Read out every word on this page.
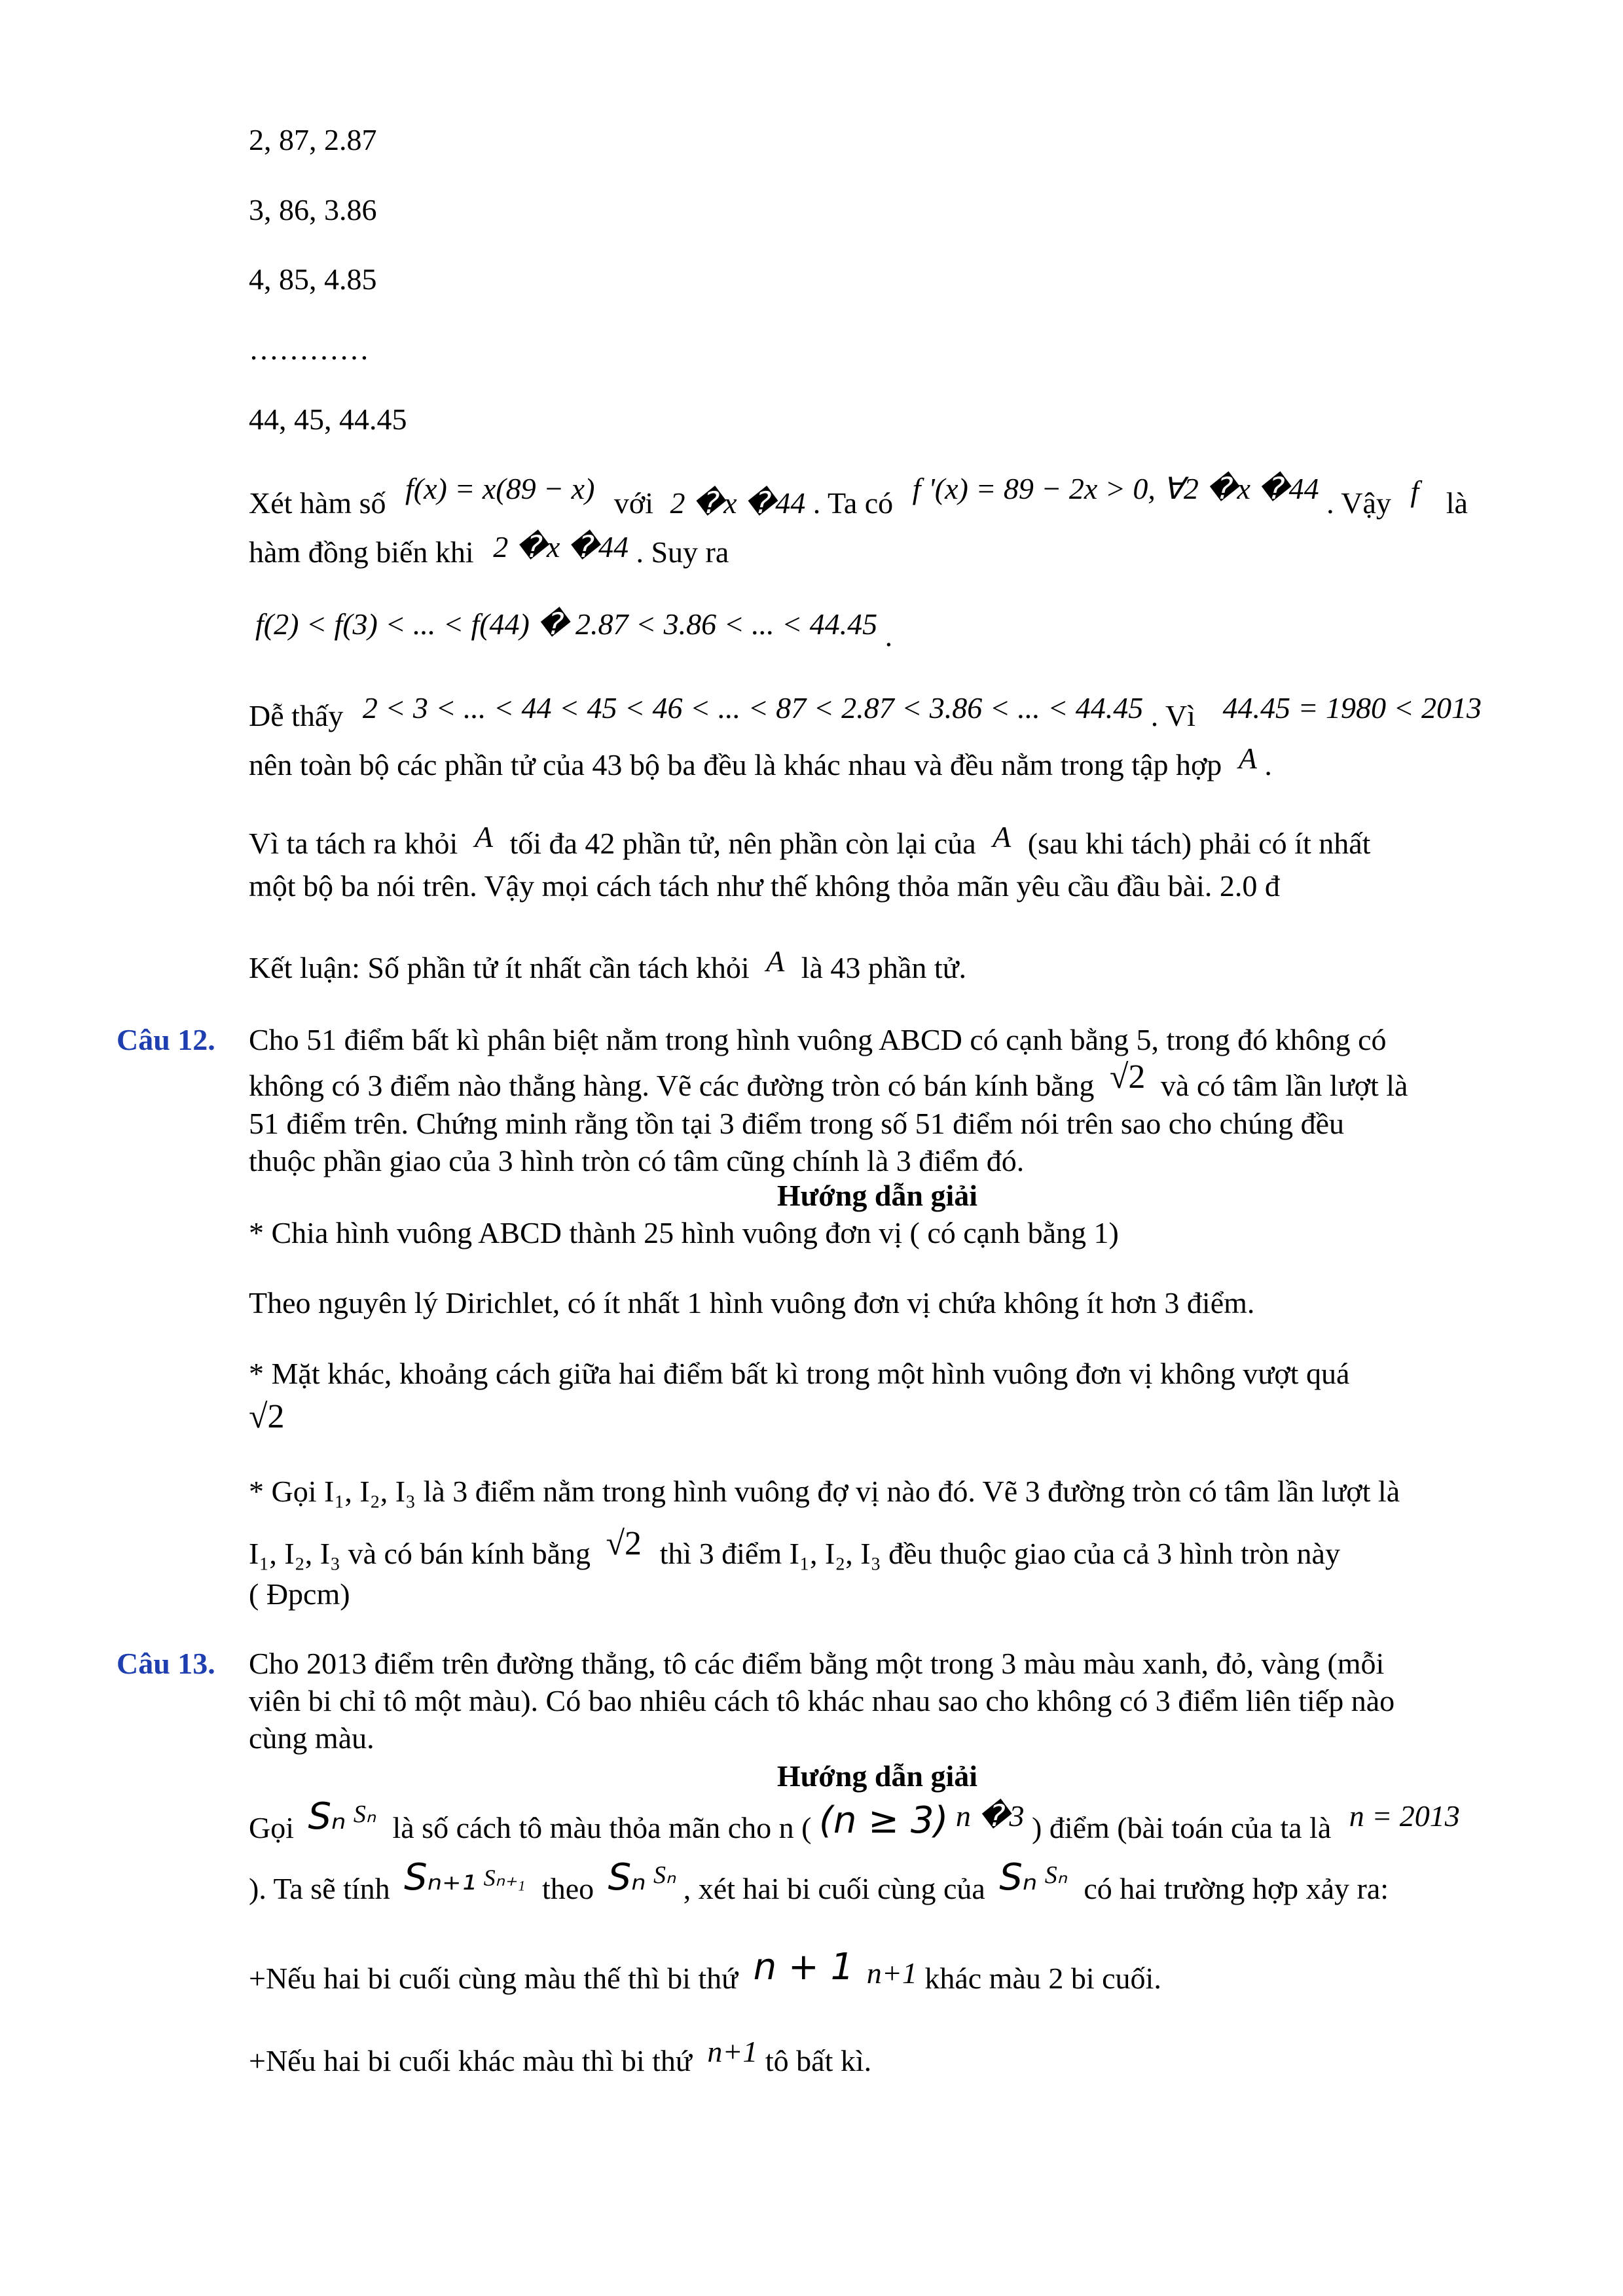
2, 87, 2.87
3, 86, 3.86
4, 85, 4.85
…………
44, 45, 44.45
Xét hàm số f(x) = x(89 − x) với 2 �x �44 . Ta có f '(x) = 89 − 2x > 0, ∀2 �x �44 . Vậy f là
hàm đồng biến khi 2 �x �44 . Suy ra
f(2) < f(3) < ... < f(44) � 2.87 < 3.86 < ... < 44.45 .
Dễ thấy 2 < 3 < ... < 44 < 45 < 46 < ... < 87 < 2.87 < 3.86 < ... < 44.45 . Vì 44.45 = 1980 < 2013
nên toàn bộ các phần tử của 43 bộ ba đều là khác nhau và đều nằm trong tập hợp A .
Vì ta tách ra khỏi A tối đa 42 phần tử, nên phần còn lại của A (sau khi tách) phải có ít nhất
một bộ ba nói trên. Vậy mọi cách tách như thế không thỏa mãn yêu cầu đầu bài. 2.0 đ
Kết luận: Số phần tử ít nhất cần tách khỏi A là 43 phần tử.
Câu 12. Cho 51 điểm bất kì phân biệt nằm trong hình vuông ABCD có cạnh bằng 5, trong đó không có
không có 3 điểm nào thẳng hàng. Vẽ các đường tròn có bán kính bằng √2 và có tâm lần lượt là
51 điểm trên. Chứng minh rằng tồn tại 3 điểm trong số 51 điểm nói trên sao cho chúng đều
thuộc phần giao của 3 hình tròn có tâm cũng chính là 3 điểm đó.
Hướng dẫn giải
* Chia hình vuông ABCD thành 25 hình vuông đơn vị ( có cạnh bằng 1)
Theo nguyên lý Dirichlet, có ít nhất 1 hình vuông đơn vị chứa không ít hơn 3 điểm.
* Mặt khác, khoảng cách giữa hai điểm bất kì trong một hình vuông đơn vị không vượt quá
√2
* Gọi I₁, I₂, I₃ là 3 điểm nằm trong hình vuông đợ vị nào đó. Vẽ 3 đường tròn có tâm lần lượt là
I₁, I₂, I₃ và có bán kính bằng √2 thì 3 điểm I₁, I₂, I₃ đều thuộc giao của cả 3 hình tròn này
( Đpcm)
Câu 13. Cho 2013 điểm trên đường thẳng, tô các điểm bằng một trong 3 màu màu xanh, đỏ, vàng (mỗi
viên bi chỉ tô một màu). Có bao nhiêu cách tô khác nhau sao cho không có 3 điểm liên tiếp nào
cùng màu.
Hướng dẫn giải
Gọi Sₙ $^{S_n}$ là số cách tô màu thỏa mãn cho n ( (n ≥ 3) n �3 ) điểm (bài toán của ta là n = 2013
). Ta sẽ tính Sₙ₊₁ $^{S_{n+1}}$ theo Sₙ $^{S_n}$ , xét hai bi cuối cùng của Sₙ $^{S_n}$ có hai trường hợp xảy ra:
+Nếu hai bi cuối cùng màu thế thì bi thứ n + 1 n+1 khác màu 2 bi cuối.
+Nếu hai bi cuối khác màu thì bi thứ n+1 tô bất kì.
